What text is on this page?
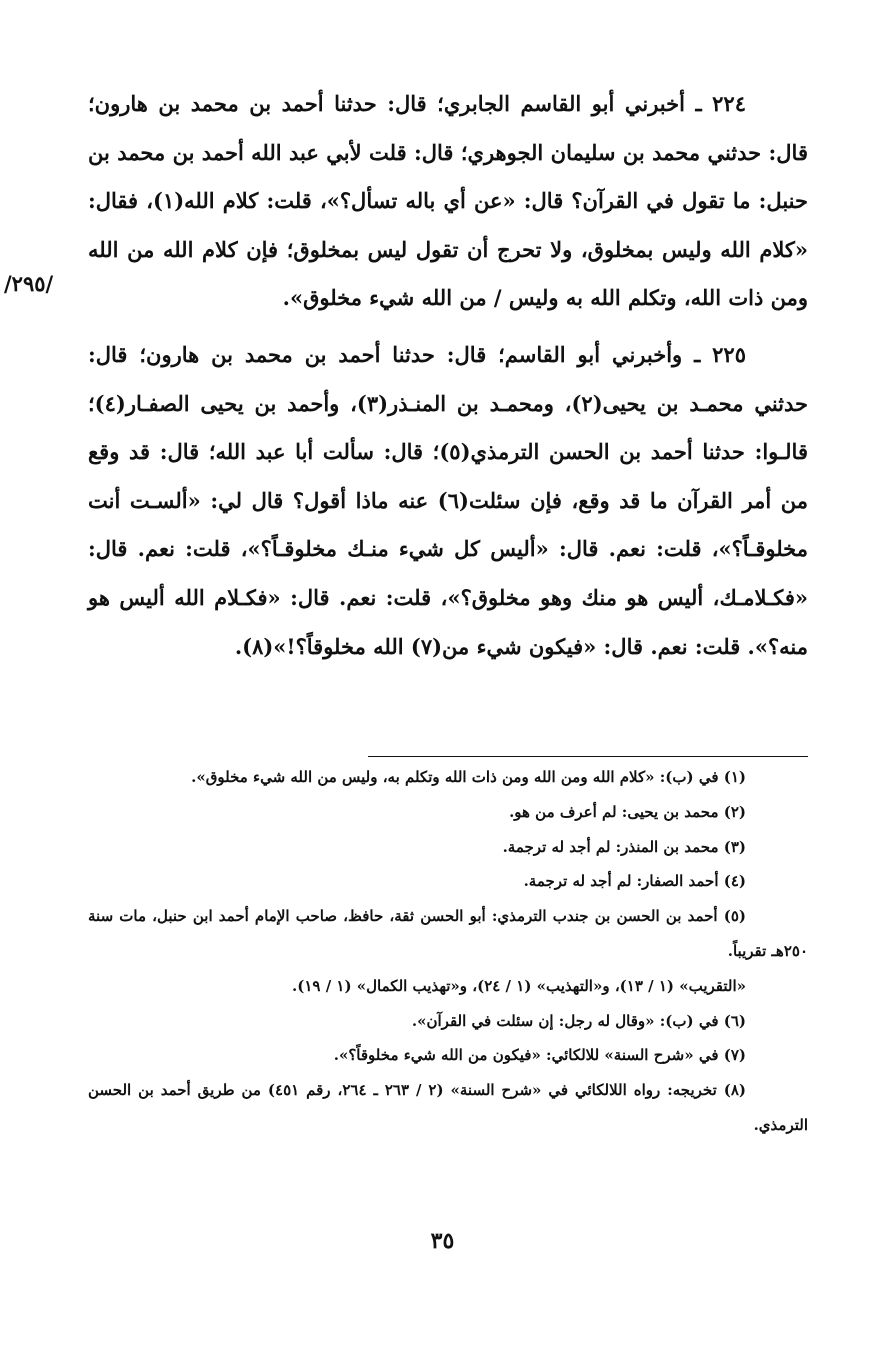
٢٢٤ ـ أخبرني أبو القاسم الجابري؛ قال: حدثنا أحمد بن محمد بن هارون؛ قال: حدثني محمد بن سليمان الجوهري؛ قال: قلت لأبي عبد الله أحمد بن محمد بن حنبل: ما تقول في القرآن؟ قال: «عن أي باله تسأل؟»، قلت: كلام الله(١)، فقال: «كلام الله وليس بمخلوق، ولا تحرج أن تقول ليس بمخلوق؛ فإن كلام الله من الله ومن ذات الله، وتكلم الله به وليس / من الله شيء مخلوق».

٢٢٥ ـ وأخبرني أبو القاسم؛ قال: حدثنا أحمد بن محمد بن هارون؛ قال: حدثني محمـد بن يحيى(٢)، ومحمـد بن المنـذر(٣)، وأحمد بن يحيى الصفـار(٤)؛ قالـوا: حدثنا أحمد بن الحسن الترمذي(٥)؛ قال: سألت أبا عبد الله؛ قال: قد وقع من أمر القرآن ما قد وقع، فإن سئلت(٦) عنه ماذا أقول؟ قال لي: «ألسـت أنت مخلوقـاً؟»، قلت: نعم. قال: «أليس كل شيء منـك مخلوقـاً؟»، قلت: نعم. قال: «فكـلامـك، أليس هو منك وهو مخلوق؟»، قلت: نعم. قال: «فكـلام الله أليس هو منه؟». قلت: نعم. قال: «فيكون شيء من(٧) الله مخلوقاً؟!»(٨).

/٢٩٥/

(١) في (ب): «كلام الله ومن الله ومن ذات الله وتكلم به، وليس من الله شيء مخلوق».

(٢) محمد بن يحيى: لم أعرف من هو.

(٣) محمد بن المنذر: لم أجد له ترجمة.

(٤) أحمد الصفار: لم أجد له ترجمة.

(٥) أحمد بن الحسن بن جندب الترمذي: أبو الحسن ثقة، حافظ، صاحب الإمام أحمد ابن حنبل، مات سنة ٢٥٠هـ تقريباً.

«التقريب» (١ / ١٣)، و«التهذيب» (١ / ٢٤)، و«تهذيب الكمال» (١ / ١٩).

(٦) في (ب): «وقال له رجل: إن سئلت في القرآن».

(٧) في «شرح السنة» للالكائي: «فيكون من الله شيء مخلوقاً؟».

(٨) تخريجه: رواه اللالكائي في «شرح السنة» (٢ / ٢٦٣ ـ ٢٦٤، رقم ٤٥١) من طريق أحمد بن الحسن الترمذي.

٣٥
